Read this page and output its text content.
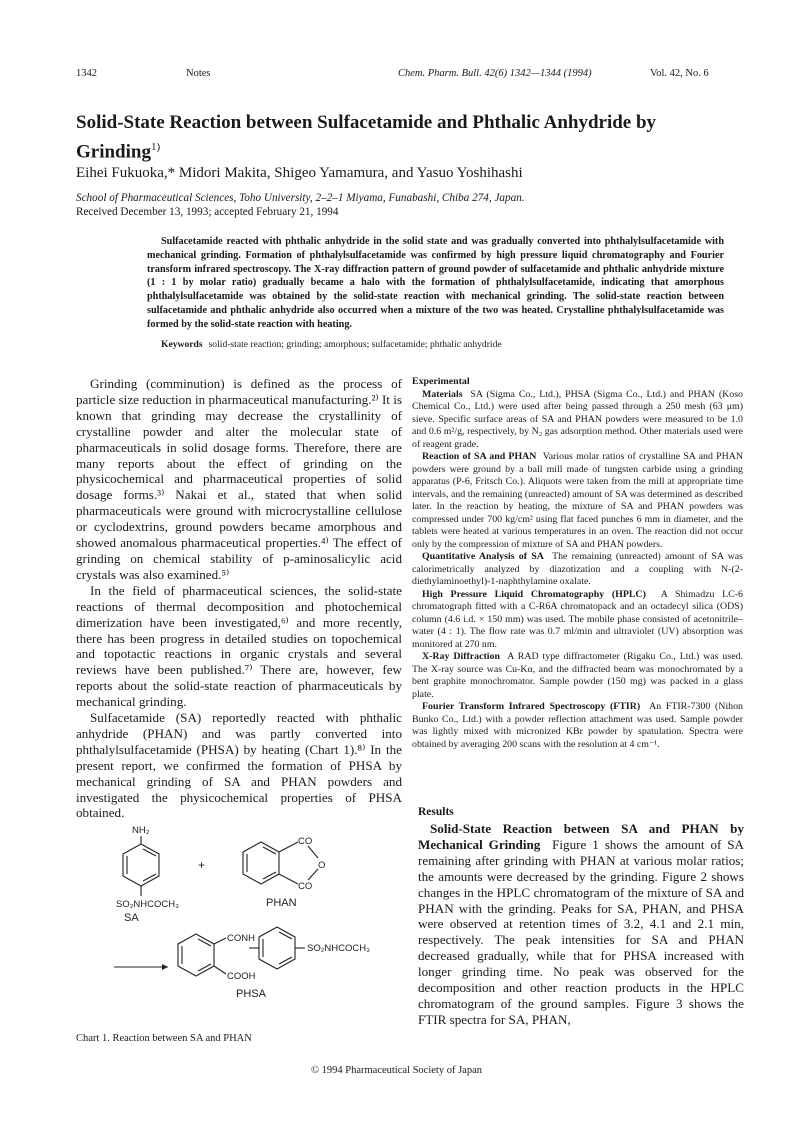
1342	Notes	Chem. Pharm. Bull. 42(6) 1342—1344 (1994)	Vol. 42, No. 6
Solid-State Reaction between Sulfacetamide and Phthalic Anhydride by Grinding$^{1)}$
Eihei Fukuoka,* Midori Makita, Shigeo Yamamura, and Yasuo Yoshihashi
School of Pharmaceutical Sciences, Toho University, 2–2–1 Miyama, Funabashi, Chiba 274, Japan.
Received December 13, 1993; accepted February 21, 1994
Sulfacetamide reacted with phthalic anhydride in the solid state and was gradually converted into phthalylsulfacetamide with mechanical grinding. Formation of phthalylsulfacetamide was confirmed by high pressure liquid chromatography and Fourier transform infrared spectroscopy. The X-ray diffraction pattern of ground powder of sulfacetamide and phthalic anhydride mixture (1 : 1 by molar ratio) gradually became a halo with the formation of phthalylsulfacetamide, indicating that amorphous phthalylsulfacetamide was obtained by the solid-state reaction with mechanical grinding. The solid-state reaction between sulfacetamide and phthalic anhydride also occurred when a mixture of the two was heated. Crystalline phthalylsulfacetamide was formed by the solid-state reaction with heating.
Keywords solid-state reaction; grinding; amorphous; sulfacetamide; phthalic anhydride

Grinding (comminution) is defined as the process of particle size reduction in pharmaceutical manufacturing.²⁾ It is known that grinding may decrease the crystallinity of crystalline powder and alter the molecular state of pharmaceuticals in solid dosage forms. Therefore, there are many reports about the effect of grinding on the physicochemical and pharmaceutical properties of solid dosage forms.³⁾ Nakai et al., stated that when solid pharmaceuticals were ground with microcrystalline cellulose or cyclodextrins, ground powders became amorphous and showed anomalous pharmaceutical properties.⁴⁾ The effect of grinding on chemical stability of p-aminosalicylic acid crystals was also examined.⁵⁾

In the field of pharmaceutical sciences, the solid-state reactions of thermal decomposition and photochemical dimerization have been investigated,⁶⁾ and more recently, there has been progress in detailed studies on topochemical and topotactic reactions in organic crystals and several reviews have been published.⁷⁾ There are, however, few reports about the solid-state reaction of pharmaceuticals by mechanical grinding.

Sulfacetamide (SA) reportedly reacted with phthalic anhydride (PHAN) and was partly converted into phthalylsulfacetamide (PHSA) by heating (Chart 1).⁸⁾ In the present report, we confirmed the formation of PHSA by mechanical grinding of SA and PHAN powders and investigated the physicochemical properties of PHSA obtained.

Experimental

Materials SA (Sigma Co., Ltd.), PHSA (Sigma Co., Ltd.) and PHAN (Koso Chemical Co., Ltd.) were used after being passed through a 250 mesh (63 μm) sieve. Specific surface areas of SA and PHAN powders were measured to be 1.0 and 0.6 m²/g, respectively, by N₂ gas adsorption method. Other materials used were of reagent grade.

Reaction of SA and PHAN Various molar ratios of crystalline SA and PHAN powders were ground by a ball mill made of tungsten carbide using a grinding apparatus (P-6, Fritsch Co.). Aliquots were taken from the mill at appropriate time intervals, and the remaining (unreacted) amount of SA was determined as described later. In the reaction by heating, the mixture of SA and PHAN powders was compressed under 700 kg/cm² using flat faced punches 6 mm in diameter, and the tablets were heated at various temperatures in an oven. The reaction did not occur only by the compression of mixture of SA and PHAN powders.

Quantitative Analysis of SA The remaining (unreacted) amount of SA was calorimetrically analyzed by diazotization and a coupling with N-(2-diethylaminoethyl)-1-naphthylamine oxalate.

High Pressure Liquid Chromatography (HPLC) A Shimadzu LC-6 chromatograph fitted with a C-R6A chromatopack and an octadecyl silica (ODS) column (4.6 i.d. × 150 mm) was used. The mobile phase consisted of acetonitrile–water (4 : 1). The flow rate was 0.7 ml/min and ultraviolet (UV) absorption was monitored at 270 nm.

X-Ray Diffraction A RAD type diffractometer (Rigaku Co., Ltd.) was used. The X-ray source was Cu-Kα, and the diffracted beam was monochromated by a bent graphite monochromator. Sample powder (150 mg) was packed in a glass plate.

Fourier Transform Infrared Spectroscopy (FTIR) An FTIR-7300 (Nihon Bunko Co., Ltd.) with a powder reflection attachment was used. Sample powder was lightly mixed with micronized KBr powder by spatulation. Spectra were obtained by averaging 200 scans with the resolution at 4 cm⁻¹.

Results

Solid-State Reaction between SA and PHAN by Mechanical Grinding Figure 1 shows the amount of SA remaining after grinding with PHAN at various molar ratios; the amounts were decreased by the grinding. Figure 2 shows changes in the HPLC chromatogram of the mixture of SA and PHAN with the grinding. Peaks for SA, PHAN, and PHSA were observed at retention times of 3.2, 4.1 and 2.1 min, respectively. The peak intensities for SA and PHAN decreased gradually, while that for PHSA increased with longer grinding time. No peak was observed for the decomposition and other reaction products in the HPLC chromatogram of the ground samples. Figure 3 shows the FTIR spectra for SA, PHAN,

NH₂
SO₂NHCOCH₃
SA
+
CO
O
CO
PHAN
CONH
SO₂NHCOCH₃
COOH
PHSA
Chart 1. Reaction between SA and PHAN
© 1994 Pharmaceutical Society of Japan
